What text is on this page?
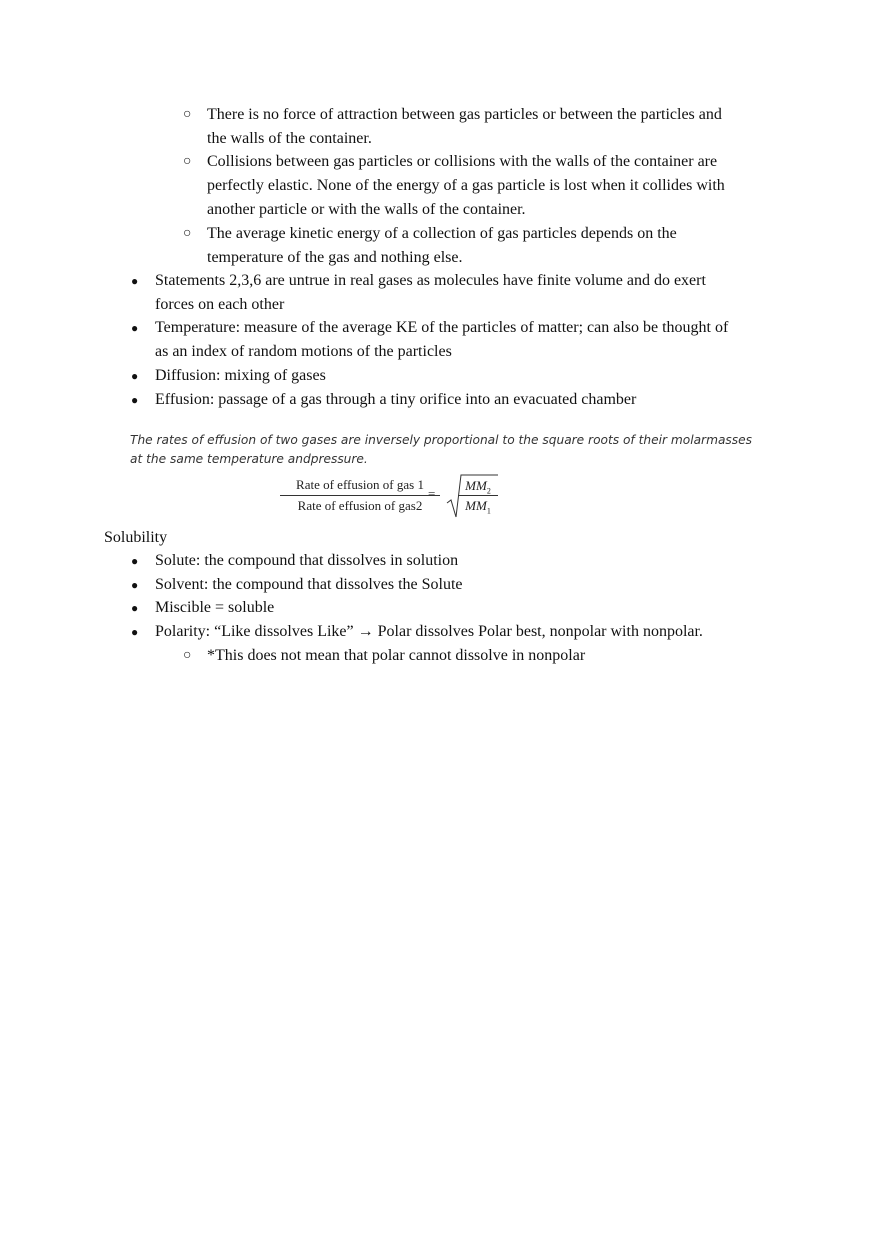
○ There is no force of attraction between gas particles or between the particles and
the walls of the container.
○ Collisions between gas particles or collisions with the walls of the container are
perfectly elastic. None of the energy of a gas particle is lost when it collides with
another particle or with the walls of the container.
○ The average kinetic energy of a collection of gas particles depends on the
temperature of the gas and nothing else.
● Statements 2,3,6 are untrue in real gases as molecules have finite volume and do exert
forces on each other
● Temperature: measure of the average KE of the particles of matter; can also be thought of
as an index of random motions of the particles
● Diffusion: mixing of gases
● Effusion: passage of a gas through a tiny orifice into an evacuated chamber
The rates of effusion of two gases are inversely proportional to the square roots of their molarmasses
at the same temperature andpressure.
Rate of effusion of gas 1
Rate of effusion of gas2
= $\frac{MM_2}{MM_1}$
Solubility
● Solute: the compound that dissolves in solution
● Solvent: the compound that dissolves the Solute
● Miscible = soluble
● Polarity: “Like dissolves Like” → Polar dissolves Polar best, nonpolar with nonpolar.
○ *This does not mean that polar cannot dissolve in nonpolar
